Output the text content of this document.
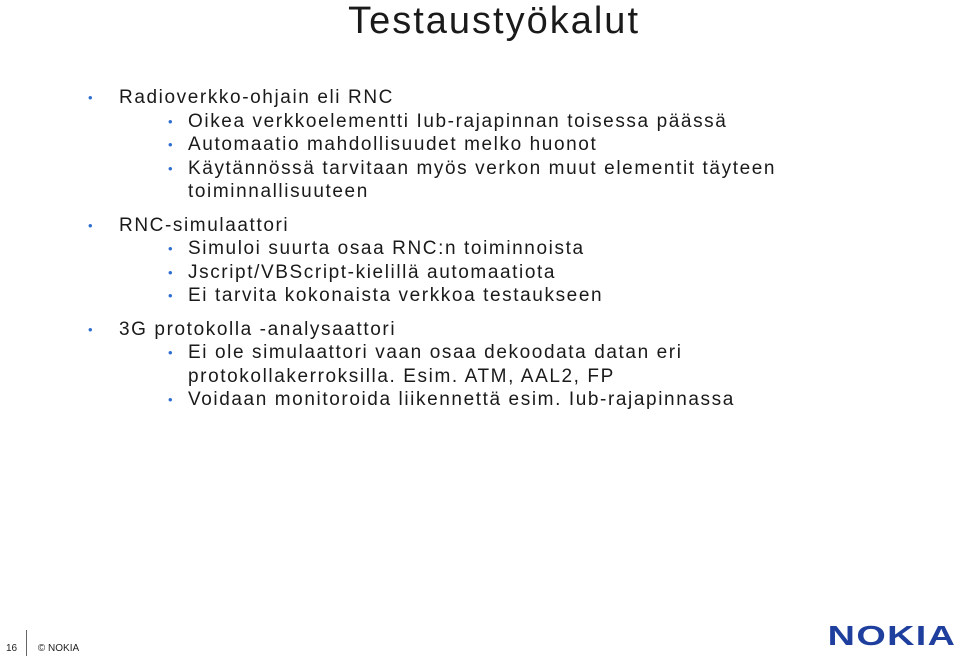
Testaustyökalut
• Radioverkko-ohjain eli RNC
• Oikea verkkoelementti Iub-rajapinnan toisessa päässä
• Automaatio mahdollisuudet melko huonot
• Käytännössä tarvitaan myös verkon muut elementit täyteen
toiminnallisuuteen
• RNC-simulaattori
• Simuloi suurta osaa RNC:n toiminnoista
• Jscript/VBScript-kielillä automaatiota
• Ei tarvita kokonaista verkkoa testaukseen
• 3G protokolla -analysaattori
• Ei ole simulaattori vaan osaa dekoodata datan eri
protokollakerroksilla. Esim. ATM, AAL2, FP
• Voidaan monitoroida liikennettä esim. Iub-rajapinnassa
16 © NOKIA	NOKIA
